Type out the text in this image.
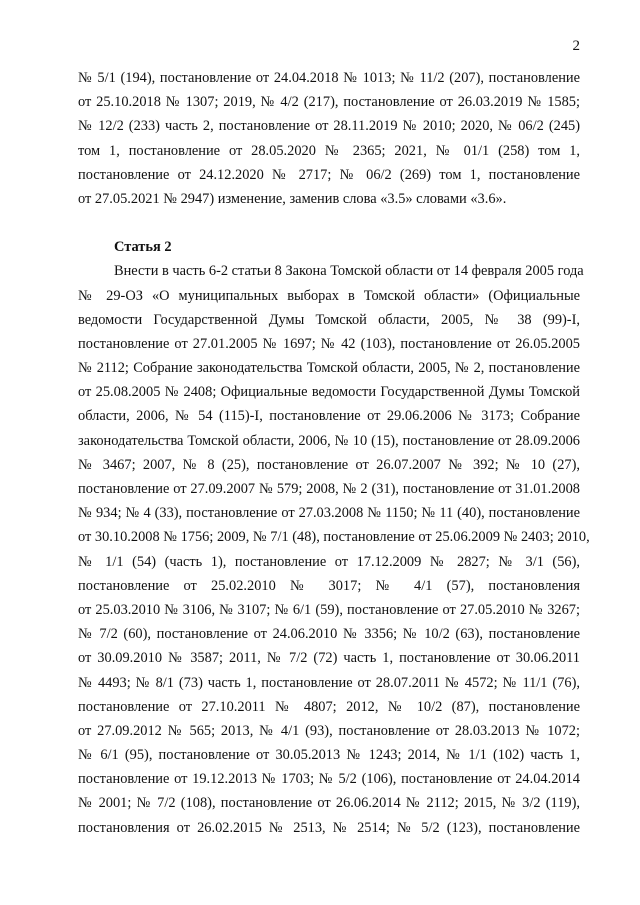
2
№ 5/1 (194), постановление от 24.04.2018 № 1013; № 11/2 (207), постановление
от 25.10.2018 № 1307; 2019, № 4/2 (217), постановление от 26.03.2019 № 1585;
№ 12/2 (233) часть 2, постановление от 28.11.2019 № 2010; 2020, № 06/2 (245)
том 1, постановление от 28.05.2020 № 2365; 2021, № 01/1 (258) том 1,
постановление от 24.12.2020 № 2717; № 06/2 (269) том 1, постановление
от 27.05.2021 № 2947) изменение, заменив слова «3.5» словами «3.6».
Статья 2
Внести в часть 6-2 статьи 8 Закона Томской области от 14 февраля 2005 года
№ 29-ОЗ «О муниципальных выборах в Томской области» (Официальные
ведомости Государственной Думы Томской области, 2005, № 38 (99)-I,
постановление от 27.01.2005 № 1697; № 42 (103), постановление от 26.05.2005
№ 2112; Собрание законодательства Томской области, 2005, № 2, постановление
от 25.08.2005 № 2408; Официальные ведомости Государственной Думы Томской
области, 2006, № 54 (115)-I, постановление от 29.06.2006 № 3173; Собрание
законодательства Томской области, 2006, № 10 (15), постановление от 28.09.2006
№ 3467; 2007, № 8 (25), постановление от 26.07.2007 № 392; № 10 (27),
постановление от 27.09.2007 № 579; 2008, № 2 (31), постановление от 31.01.2008
№ 934; № 4 (33), постановление от 27.03.2008 № 1150; № 11 (40), постановление
от 30.10.2008 № 1756; 2009, № 7/1 (48), постановление от 25.06.2009 № 2403; 2010,
№ 1/1 (54) (часть 1), постановление от 17.12.2009 № 2827; № 3/1 (56),
постановление от 25.02.2010 № 3017; № 4/1 (57), постановления
от 25.03.2010 № 3106, № 3107; № 6/1 (59), постановление от 27.05.2010 № 3267;
№ 7/2 (60), постановление от 24.06.2010 № 3356; № 10/2 (63), постановление
от 30.09.2010 № 3587; 2011, № 7/2 (72) часть 1, постановление от 30.06.2011
№ 4493; № 8/1 (73) часть 1, постановление от 28.07.2011 № 4572; № 11/1 (76),
постановление от 27.10.2011 № 4807; 2012, № 10/2 (87), постановление
от 27.09.2012 № 565; 2013, № 4/1 (93), постановление от 28.03.2013 № 1072;
№ 6/1 (95), постановление от 30.05.2013 № 1243; 2014, № 1/1 (102) часть 1,
постановление от 19.12.2013 № 1703; № 5/2 (106), постановление от 24.04.2014
№ 2001; № 7/2 (108), постановление от 26.06.2014 № 2112; 2015, № 3/2 (119),
постановления от 26.02.2015 № 2513, № 2514; № 5/2 (123), постановление
